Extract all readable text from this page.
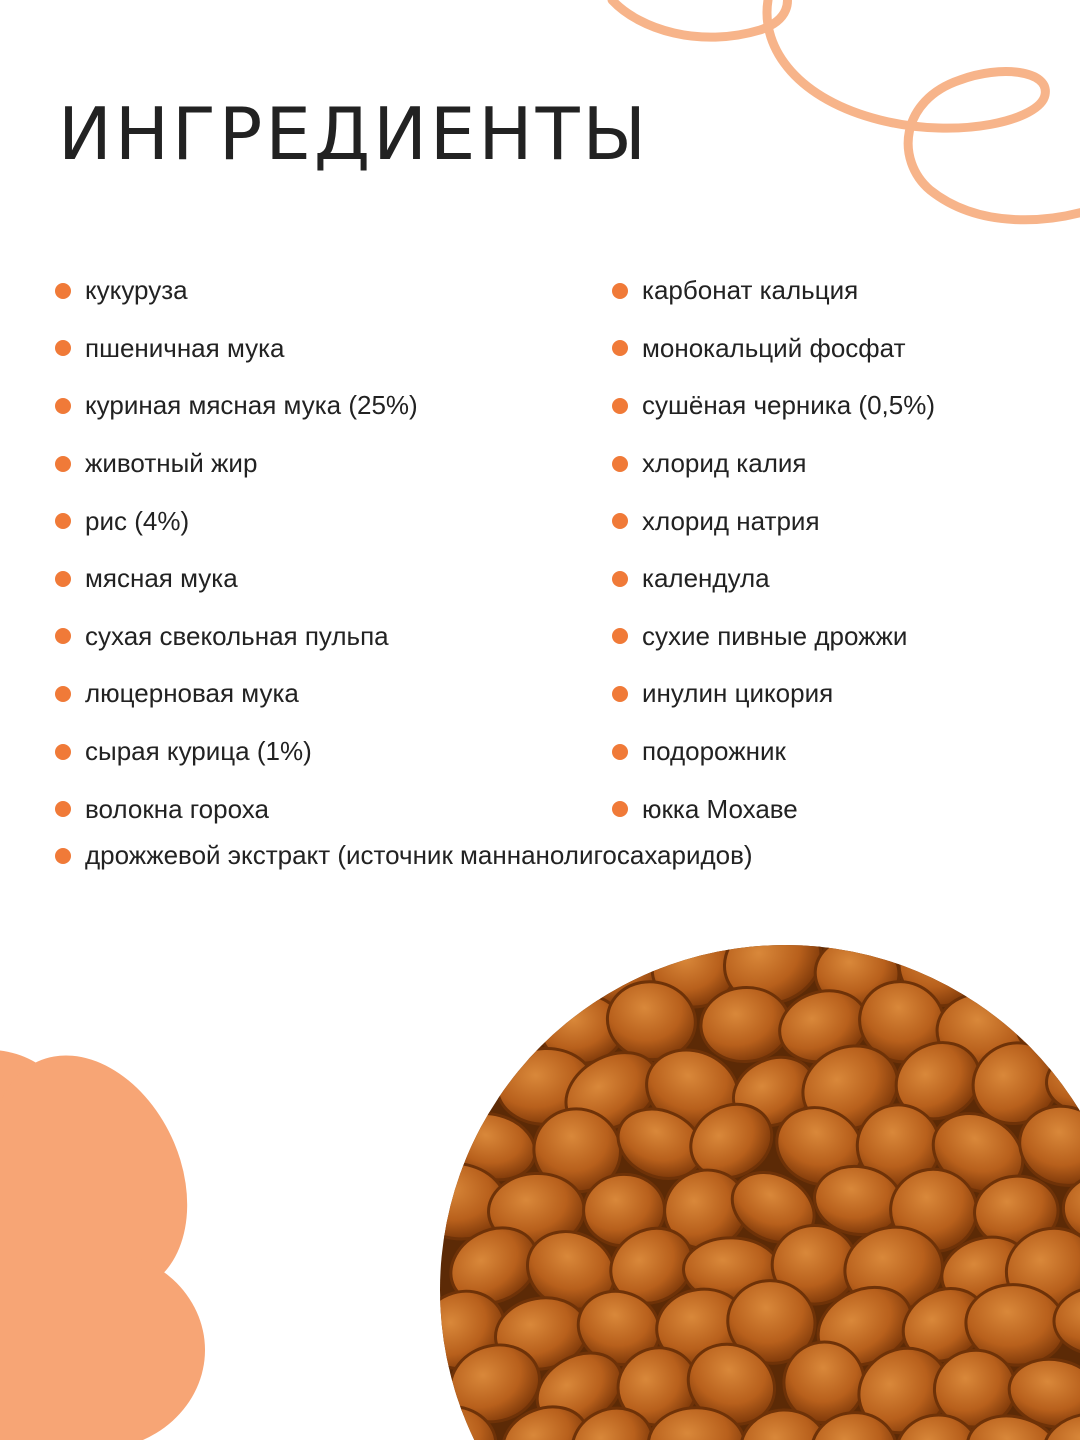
ИНГРЕДИЕНТЫ
кукуруза
пшеничная мука
куриная мясная мука (25%)
животный жир
рис (4%)
мясная мука
сухая свекольная пульпа
люцерновая мука
сырая курица (1%)
волокна гороха
карбонат кальция
монокальций фосфат
сушёная черника (0,5%)
хлорид калия
хлорид натрия
календула
сухие пивные дрожжи
инулин цикория
подорожник
юкка Мохаве
дрожжевой экстракт (источник маннанолигосахаридов)
